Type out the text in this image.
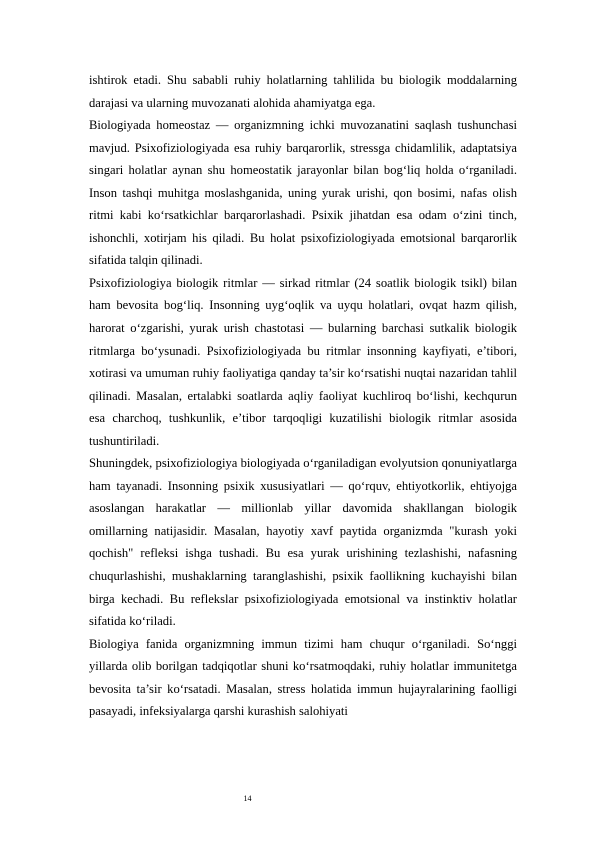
ishtirok etadi. Shu sababli ruhiy holatlarning tahlilida bu biologik moddalarning darajasi va ularning muvozanati alohida ahamiyatga ega.

Biologiyada homeostaz — organizmning ichki muvozanatini saqlash tushunchasi mavjud. Psixofiziologiyada esa ruhiy barqarorlik, stressga chidamlilik, adaptatsiya singari holatlar aynan shu homeostatik jarayonlar bilan bog‘liq holda o‘rganiladi. Inson tashqi muhitga moslashganida, uning yurak urishi, qon bosimi, nafas olish ritmi kabi ko‘rsatkichlar barqarorlashadi. Psixik jihatdan esa odam o‘zini tinch, ishonchli, xotirjam his qiladi. Bu holat psixofiziologiyada emotsional barqarorlik sifatida talqin qilinadi.

Psixofiziologiya biologik ritmlar — sirkad ritmlar (24 soatlik biologik tsikl) bilan ham bevosita bog‘liq. Insonning uyg‘oqlik va uyqu holatlari, ovqat hazm qilish, harorat o‘zgarishi, yurak urish chastotasi — bularning barchasi sutkalik biologik ritmlarga bo‘ysunadi. Psixofiziologiyada bu ritmlar insonning kayfiyati, e’tibori, xotirasi va umuman ruhiy faoliyatiga qanday ta’sir ko‘rsatishi nuqtai nazaridan tahlil qilinadi. Masalan, ertalabki soatlarda aqliy faoliyat kuchliroq bo‘lishi, kechqurun esa charchoq, tushkunlik, e’tibor tarqoqligi kuzatilishi biologik ritmlar asosida tushuntiriladi.

Shuningdek, psixofiziologiya biologiyada o‘rganiladigan evolyutsion qonuniyatlarga ham tayanadi. Insonning psixik xususiyatlari — qo‘rquv, ehtiyotkorlik, ehtiyojga asoslangan harakatlar — millionlab yillar davomida shakllangan biologik omillarning natijasidir. Masalan, hayotiy xavf paytida organizmda "kurash yoki qochish" refleksi ishga tushadi. Bu esa yurak urishining tezlashishi, nafasning chuqurlashishi, mushaklarning taranglashishi, psixik faollikning kuchayishi bilan birga kechadi. Bu reflekslar psixofiziologiyada emotsional va instinktiv holatlar sifatida ko‘riladi.

Biologiya fanida organizmning immun tizimi ham chuqur o‘rganiladi. So‘nggi yillarda olib borilgan tadqiqotlar shuni ko‘rsatmoqdaki, ruhiy holatlar immunitetga bevosita ta’sir ko‘rsatadi. Masalan, stress holatida immun hujayralarining faolligi pasayadi, infeksiyalarga qarshi kurashish salohiyati

14
